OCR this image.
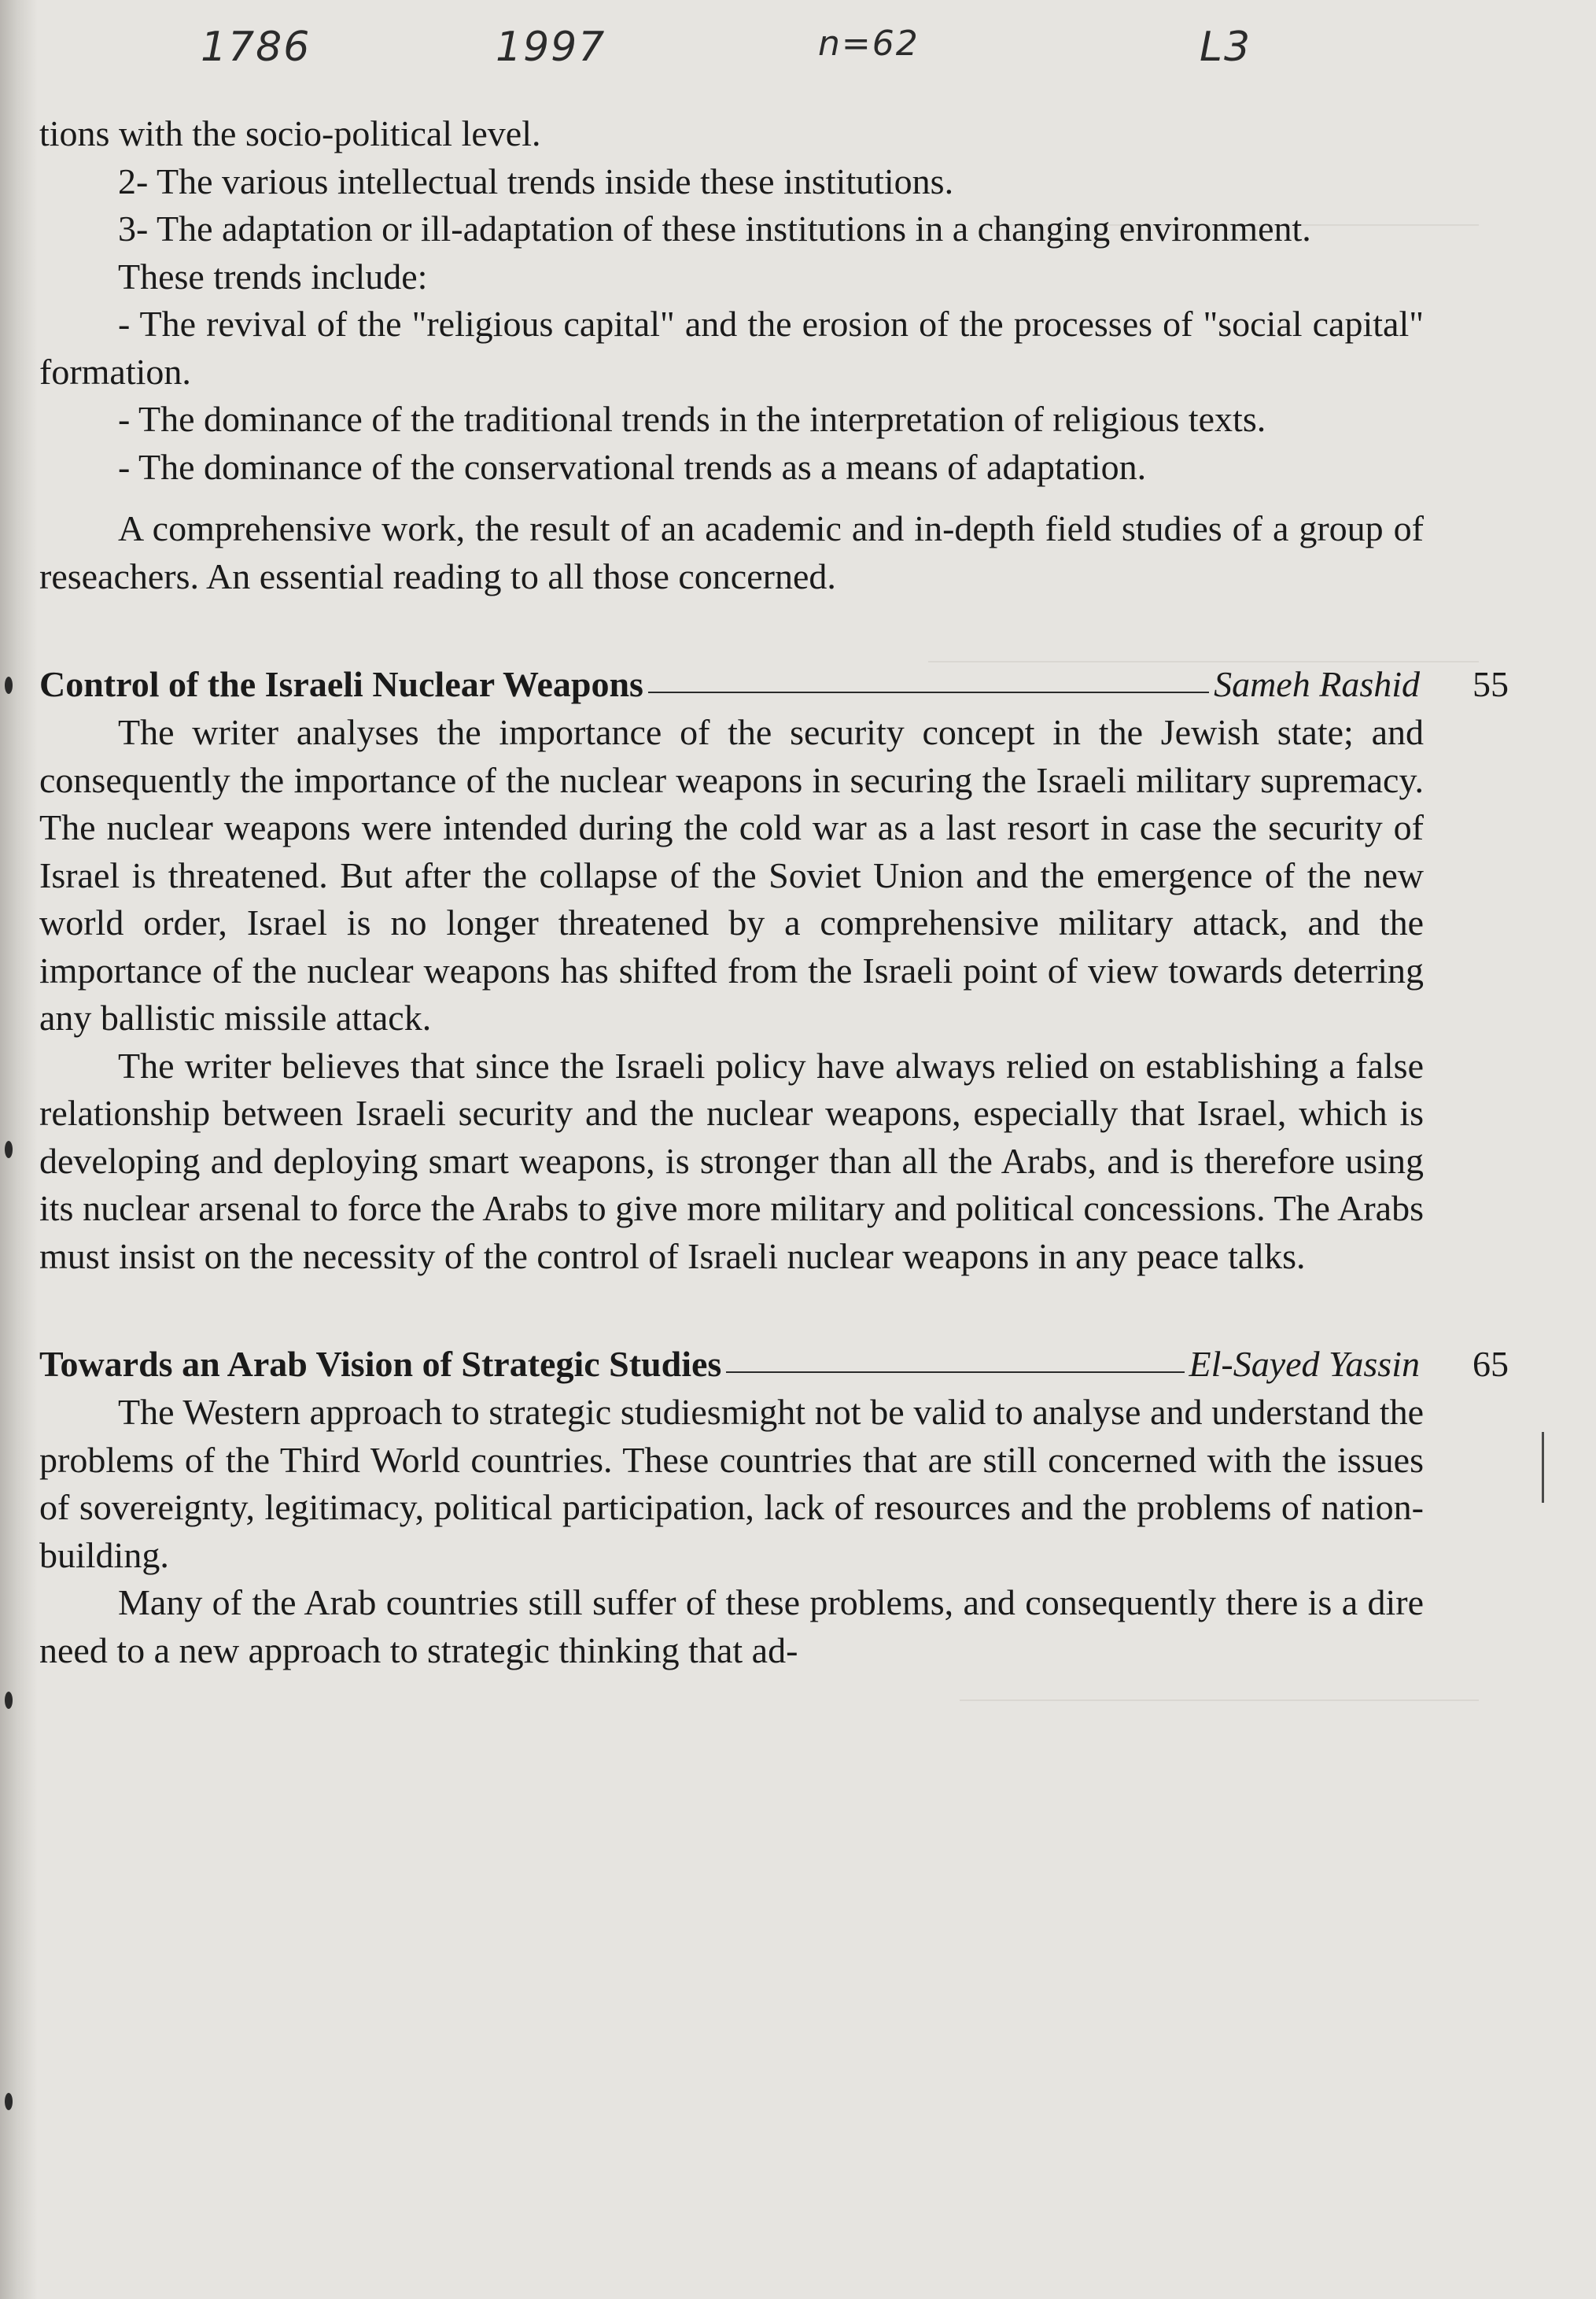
1786	1997	n=62	L3

tions with the socio-political level.

2- The various intellectual trends inside these institutions.

3- The adaptation or ill-adaptation of these institutions in a changing environment.

These trends include:

- The revival of the "religious capital" and the erosion of the processes of "social capital" formation.

- The dominance of the traditional trends in the interpretation of religious texts.

- The dominance of the conservational trends as a means of adaptation.

A comprehensive work, the result of an academic and in-depth field studies of a group of reseachers. An essential reading to all those concerned.

Control of the Israeli Nuclear Weapons	Sameh Rashid 55

The writer analyses the importance of the security concept in the Jewish state; and consequently the importance of the nuclear weapons in securing the Israeli military supremacy. The nuclear weapons were intended during the cold war as a last resort in case the security of Israel is threatened. But after the collapse of the Soviet Union and the emergence of the new world order, Israel is no longer threatened by a comprehensive military attack, and the importance of the nuclear weapons has shifted from the Israeli point of view towards deterring any ballistic missile attack.

The writer believes that since the Israeli policy have always relied on establishing a false relationship between Israeli security and the nuclear weapons, especially that Israel, which is developing and deploying smart weapons, is stronger than all the Arabs, and is therefore using its nuclear arsenal to force the Arabs to give more military and political concessions. The Arabs must insist on the necessity of the control of Israeli nuclear weapons in any peace talks.

Towards an Arab Vision of Strategic Studies	El-Sayed Yassin 65

The Western approach to strategic studiesmight not be valid to analyse and understand the problems of the Third World countries. These countries that are still concerned with the issues of sovereignty, legitimacy, political participation, lack of resources and the problems of nation- building.

Many of the Arab countries still suffer of these problems, and consequently there is a dire need to a new approach to strategic thinking that ad-
